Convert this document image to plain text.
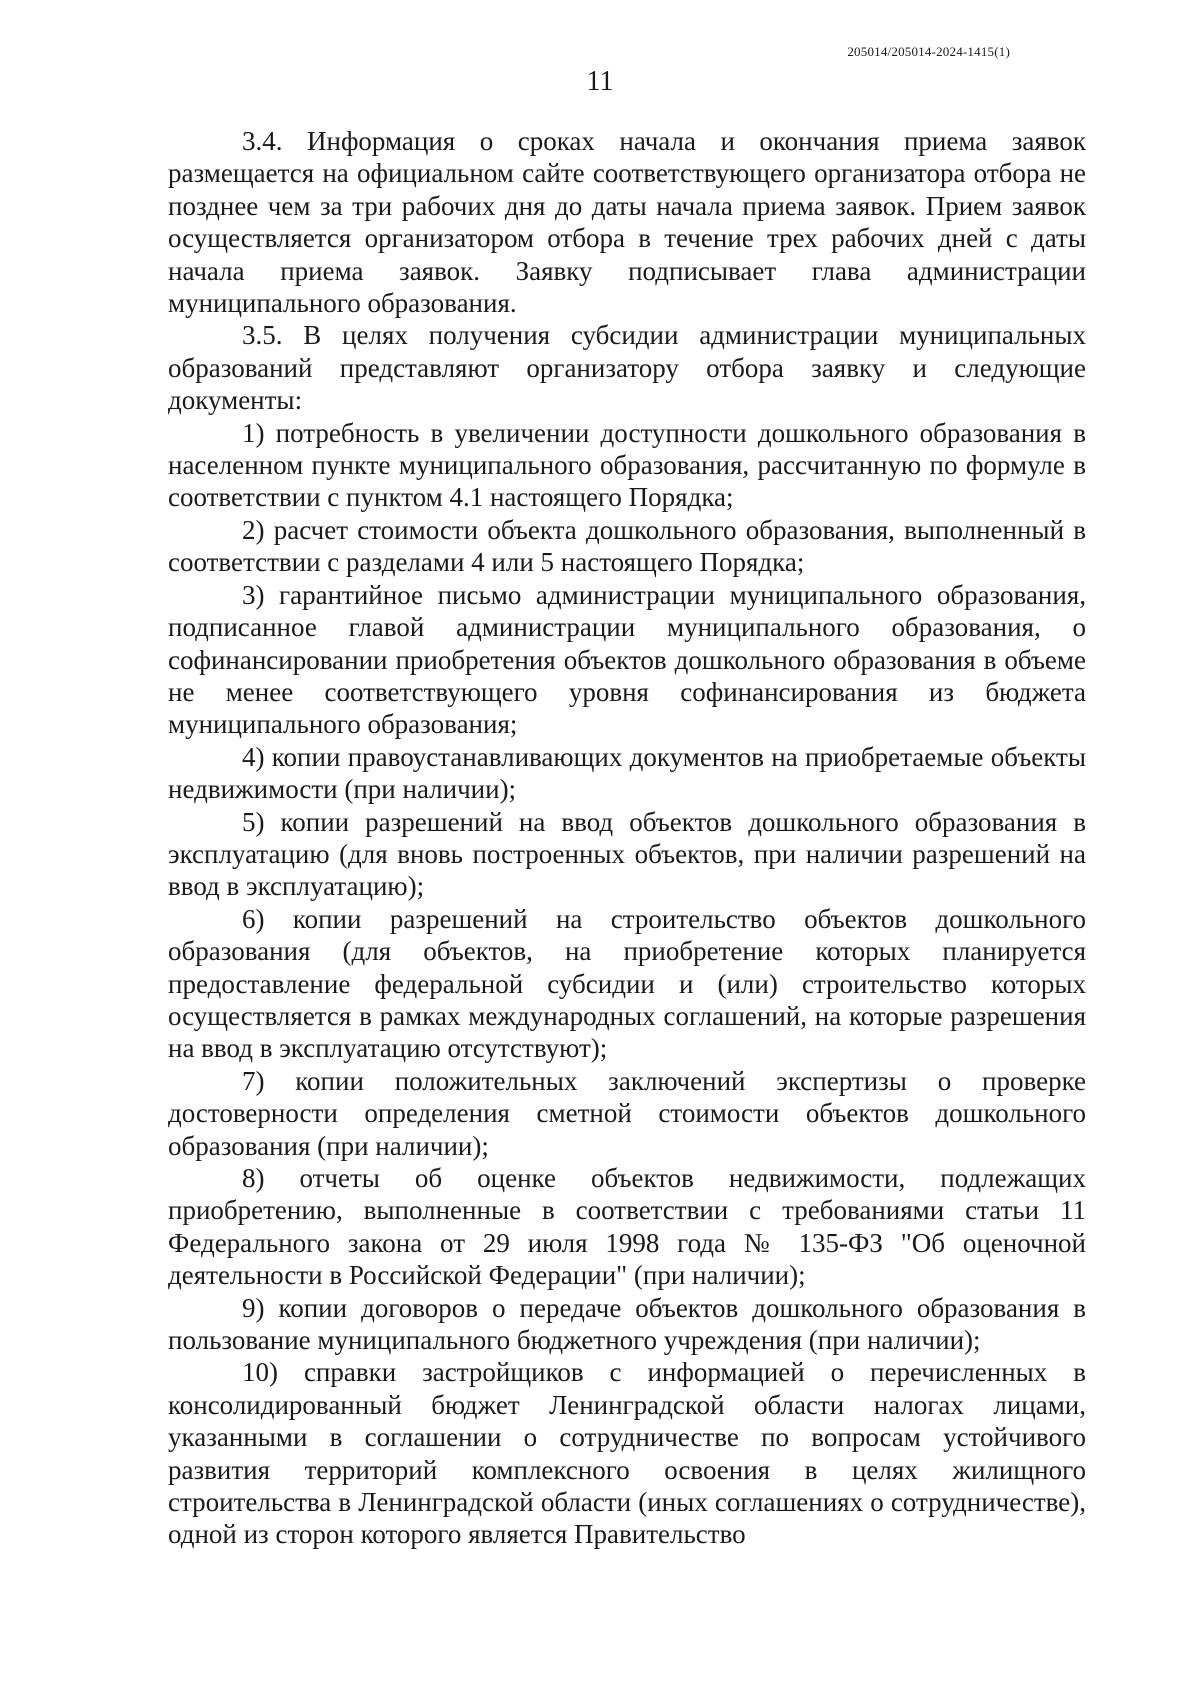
205014/205014-2024-1415(1)
11

3.4. Информация о сроках начала и окончания приема заявок размещается на официальном сайте соответствующего организатора отбора не позднее чем за три рабочих дня до даты начала приема заявок. Прием заявок осуществляется организатором отбора в течение трех рабочих дней с даты начала приема заявок. Заявку подписывает глава администрации муниципального образования.

3.5. В целях получения субсидии администрации муниципальных образований представляют организатору отбора заявку и следующие документы:

1) потребность в увеличении доступности дошкольного образования в населенном пункте муниципального образования, рассчитанную по формуле в соответствии с пунктом 4.1 настоящего Порядка;

2) расчет стоимости объекта дошкольного образования, выполненный в соответствии с разделами 4 или 5 настоящего Порядка;

3) гарантийное письмо администрации муниципального образования, подписанное главой администрации муниципального образования, о софинансировании приобретения объектов дошкольного образования в объеме не менее соответствующего уровня софинансирования из бюджета муниципального образования;

4) копии правоустанавливающих документов на приобретаемые объекты недвижимости (при наличии);

5) копии разрешений на ввод объектов дошкольного образования в эксплуатацию (для вновь построенных объектов, при наличии разрешений на ввод в эксплуатацию);

6) копии разрешений на строительство объектов дошкольного образования (для объектов, на приобретение которых планируется предоставление федеральной субсидии и (или) строительство которых осуществляется в рамках международных соглашений, на которые разрешения на ввод в эксплуатацию отсутствуют);

7) копии положительных заключений экспертизы о проверке достоверности определения сметной стоимости объектов дошкольного образования (при наличии);

8) отчеты об оценке объектов недвижимости, подлежащих приобретению, выполненные в соответствии с требованиями статьи 11 Федерального закона от 29 июля 1998 года № 135-ФЗ "Об оценочной деятельности в Российской Федерации" (при наличии);

9) копии договоров о передаче объектов дошкольного образования в пользование муниципального бюджетного учреждения (при наличии);

10) справки застройщиков с информацией о перечисленных в консолидированный бюджет Ленинградской области налогах лицами, указанными в соглашении о сотрудничестве по вопросам устойчивого развития территорий комплексного освоения в целях жилищного строительства в Ленинградской области (иных соглашениях о сотрудничестве), одной из сторон которого является Правительство
